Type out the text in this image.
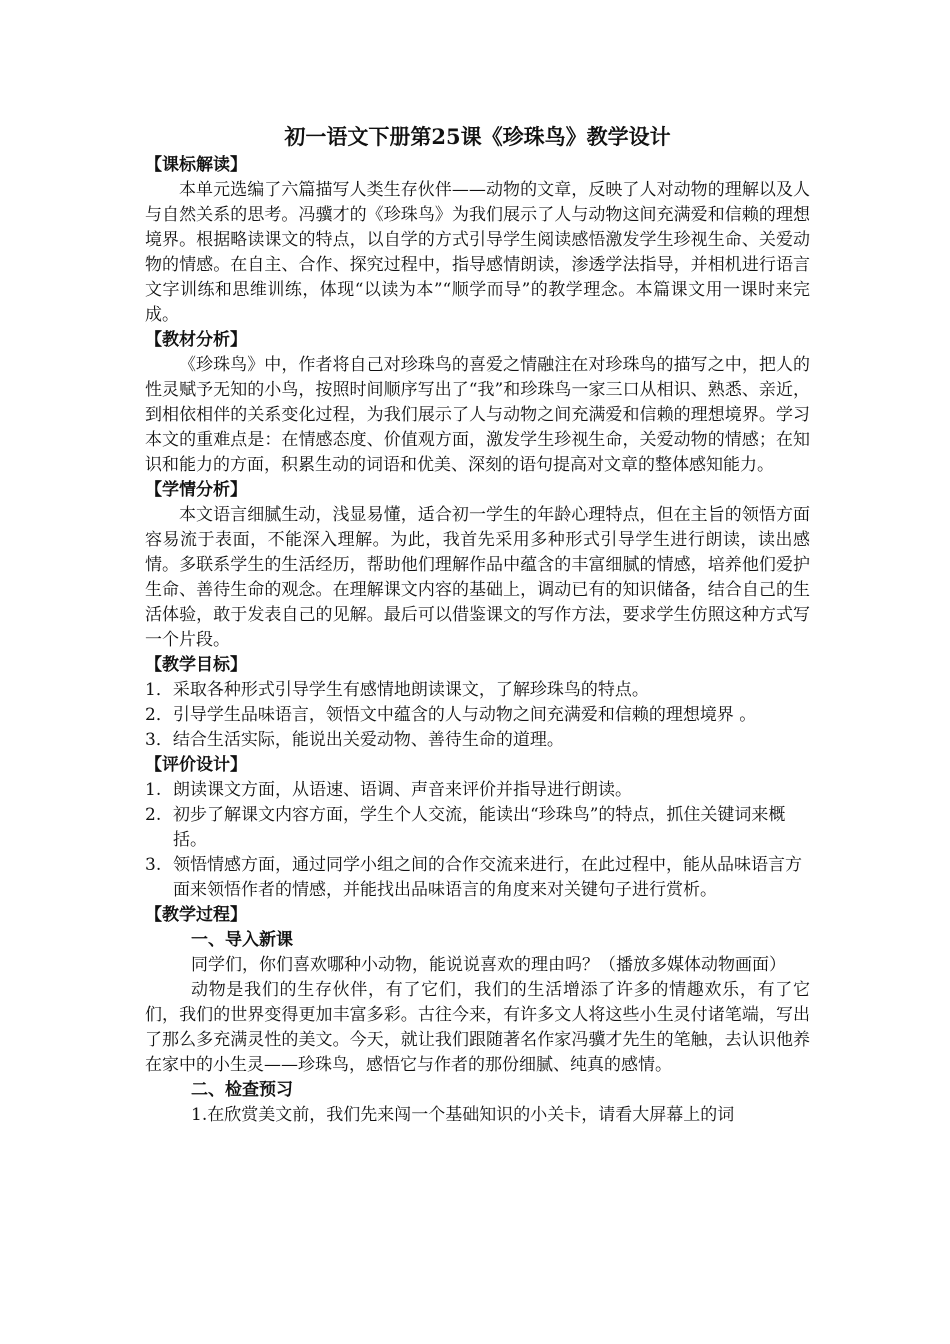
初一语文下册第25课《珍珠鸟》教学设计
【课标解读】

本单元选编了六篇描写人类生存伙伴——动物的文章，反映了人对动物的理解以及人与自然关系的思考。冯骥才的《珍珠鸟》为我们展示了人与动物这间充满爱和信赖的理想境界。根据略读课文的特点，以自学的方式引导学生阅读感悟激发学生珍视生命、关爱动物的情感。在自主、合作、探究过程中，指导感情朗读，渗透学法指导，并相机进行语言文字训练和思维训练，体现“以读为本”“顺学而导”的教学理念。本篇课文用一课时来完成。

【教材分析】

《珍珠鸟》中，作者将自己对珍珠鸟的喜爱之情融注在对珍珠鸟的描写之中，把人的性灵赋予无知的小鸟，按照时间顺序写出了“我”和珍珠鸟一家三口从相识、熟悉、亲近，到相依相伴的关系变化过程，为我们展示了人与动物之间充满爱和信赖的理想境界。学习本文的重难点是：在情感态度、价值观方面，激发学生珍视生命，关爱动物的情感；在知识和能力的方面，积累生动的词语和优美、深刻的语句提高对文章的整体感知能力。

【学情分析】

本文语言细腻生动，浅显易懂，适合初一学生的年龄心理特点，但在主旨的领悟方面容易流于表面，不能深入理解。为此，我首先采用多种形式引导学生进行朗读，读出感情。多联系学生的生活经历，帮助他们理解作品中蕴含的丰富细腻的情感，培养他们爱护生命、善待生命的观念。在理解课文内容的基础上，调动已有的知识储备，结合自己的生活体验，敢于发表自己的见解。最后可以借鉴课文的写作方法，要求学生仿照这种方式写一个片段。

【教学目标】
1．采取各种形式引导学生有感情地朗读课文，了解珍珠鸟的特点。
2．引导学生品味语言，领悟文中蕴含的人与动物之间充满爱和信赖的理想境界 。
3．结合生活实际，能说出关爱动物、善待生命的道理。
【评价设计】
1. 朗读课文方面，从语速、语调、声音来评价并指导进行朗读。
2. 初步了解课文内容方面，学生个人交流，能读出“珍珠鸟”的特点，抓住关键词来概括。
3. 领悟情感方面，通过同学小组之间的合作交流来进行，在此过程中，能从品味语言方面来领悟作者的情感，并能找出品味语言的角度来对关键句子进行赏析。
【教学过程】
一、导入新课

同学们，你们喜欢哪种小动物，能说说喜欢的理由吗？（播放多媒体动物画面）

动物是我们的生存伙伴，有了它们，我们的生活增添了许多的情趣欢乐，有了它们，我们的世界变得更加丰富多彩。古往今来，有许多文人将这些小生灵付诸笔端，写出了那么多充满灵性的美文。今天，就让我们跟随著名作家冯骥才先生的笔触，去认识他养在家中的小生灵——珍珠鸟，感悟它与作者的那份细腻、纯真的感情。

二、检查预习

1.在欣赏美文前，我们先来闯一个基础知识的小关卡，请看大屏幕上的词
